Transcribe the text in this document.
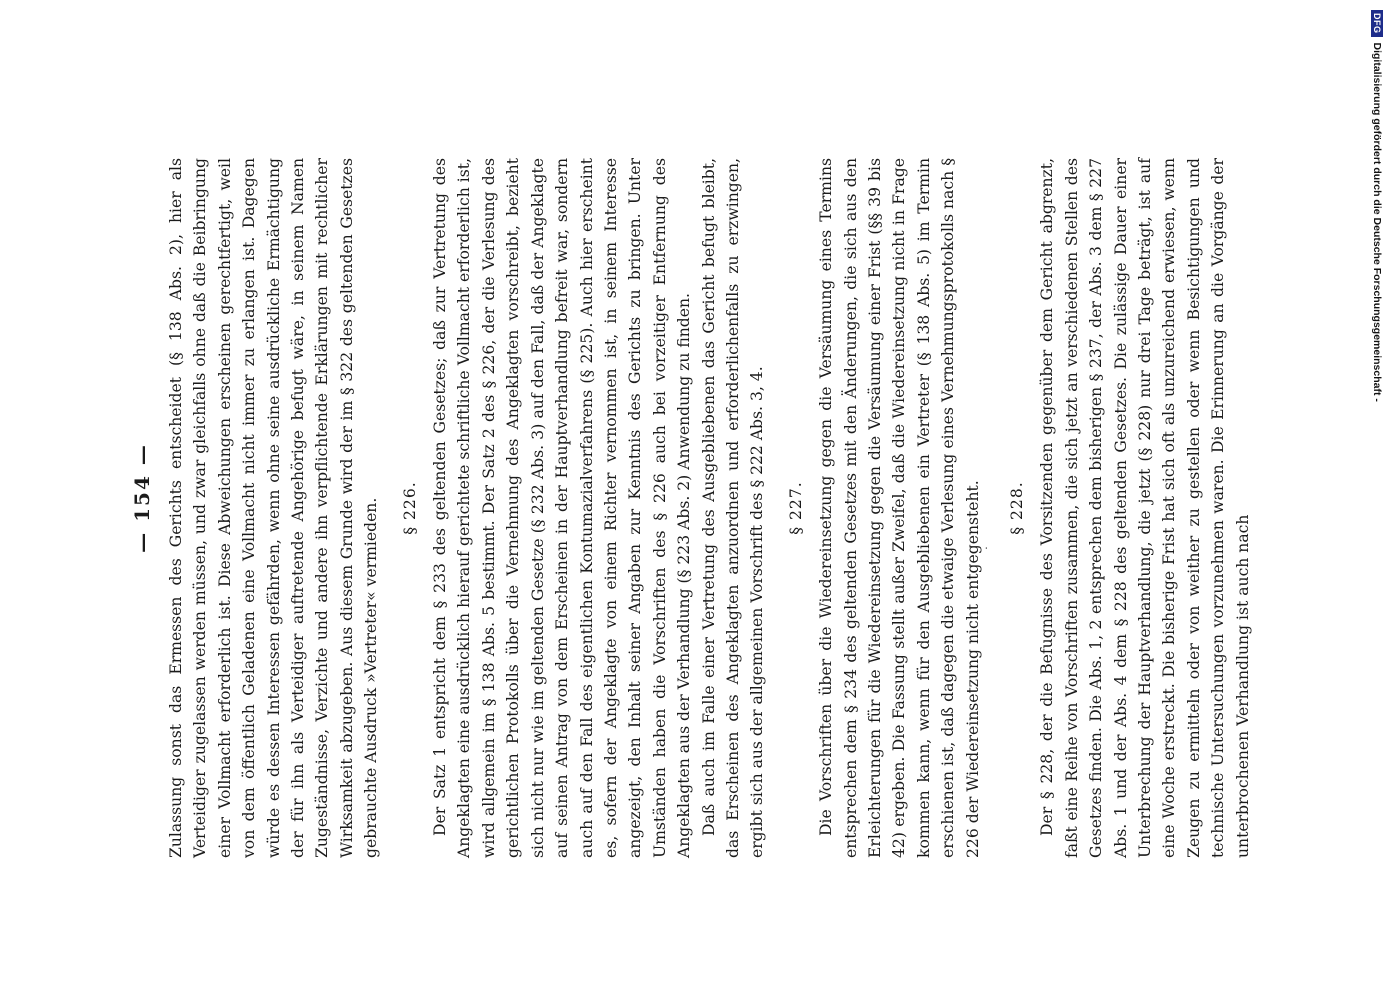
— 154 — Zulassung sonst das Ermessen des Gerichts entscheidet (§ 138 Abs. 2), hier als Verteidiger zugelassen werden müssen, und zwar gleichfalls ohne daß die Beibringung einer Vollmacht erforderlich ist. Diese Abweichungen erscheinen gerechtfertigt, weil von dem öffentlich Geladenen eine Vollmacht nicht immer zu erlangen ist. Dagegen würde es dessen Interessen gefährden, wenn ohne seine ausdrückliche Ermächtigung der für ihn als Verteidiger auftretende Angehörige befugt wäre, in seinem Namen Zugeständnisse, Verzichte und andere ihn verpflichtende Erklärungen mit rechtlicher Wirksamkeit abzugeben. Aus diesem Grunde wird der im § 322 des geltenden Gesetzes gebrauchte Ausdruck »Vertreter« vermieden. § 226. Der Satz 1 entspricht dem § 233 des geltenden Gesetzes; daß zur Vertretung des Angeklagten eine ausdrücklich hierauf gerichtete schriftliche Vollmacht erforderlich ist, wird allgemein im § 138 Abs. 5 bestimmt. Der Satz 2 des § 226, der die Verlesung des gerichtlichen Protokolls über die Vernehmung des Angeklagten vorschreibt, bezieht sich nicht nur wie im geltenden Gesetze (§ 232 Abs. 3) auf den Fall, daß der Angeklagte auf seinen Antrag von dem Erscheinen in der Hauptverhandlung befreit war, sondern auch auf den Fall des eigentlichen Kontumazialverfahrens (§ 225). Auch hier erscheint es, sofern der Angeklagte von einem Richter vernommen ist, in seinem Interesse angezeigt, den Inhalt seiner Angaben zur Kenntnis des Gerichts zu bringen. Unter Umständen haben die Vorschriften des § 226 auch bei vorzeitiger Entfernung des Angeklagten aus der Verhandlung (§ 223 Abs. 2) Anwendung zu finden. Daß auch im Falle einer Vertretung des Ausgebliebenen das Gericht befugt bleibt, das Erscheinen des Angeklagten anzuordnen und erforderlichenfalls zu erzwingen, ergibt sich aus der allgemeinen Vorschrift des § 222 Abs. 3, 4. § 227. Die Vorschriften über die Wiedereinsetzung gegen die Versäumung eines Termins entsprechen dem § 234 des geltenden Gesetzes mit den Änderungen, die sich aus den Erleichterungen für die Wiedereinsetzung gegen die Versäumung einer Frist (§§ 39 bis 42) ergeben. Die Fassung stellt außer Zweifel, daß die Wiedereinsetzung nicht in Frage kommen kann, wenn für den Ausgebliebenen ein Vertreter (§ 138 Abs. 5) im Termin erschienen ist, daß dagegen die etwaige Verlesung eines Vernehmungsprotokolls nach § 226 der Wiedereinsetzung nicht entgegensteht. ·
§ 228. Der § 228, der die Befugnisse des Vorsitzenden gegenüber dem Gericht abgrenzt, faßt eine Reihe von Vorschriften zusammen, die sich jetzt an verschiedenen Stellen des Gesetzes finden. Die Abs. 1, 2 entsprechen dem bisherigen § 237, der Abs. 3 dem § 227 Abs. 1 und der Abs. 4 dem § 228 des geltenden Gesetzes. Die zulässige Dauer einer Unterbrechung der Hauptverhandlung, die jetzt (§ 228) nur drei Tage beträgt, ist auf eine Woche erstreckt. Die bisherige Frist hat sich oft als unzureichend erwiesen, wenn Zeugen zu ermitteln oder von weither zu gestellen oder wenn Besichtigungen und technische Untersuchungen vorzunehmen waren. Die Erinnerung an die Vorgänge der unterbrochenen Verhandlung ist auch nach

DFG
Digitalisierung gefördert durch die Deutsche Forschungsgemeinschaft -
